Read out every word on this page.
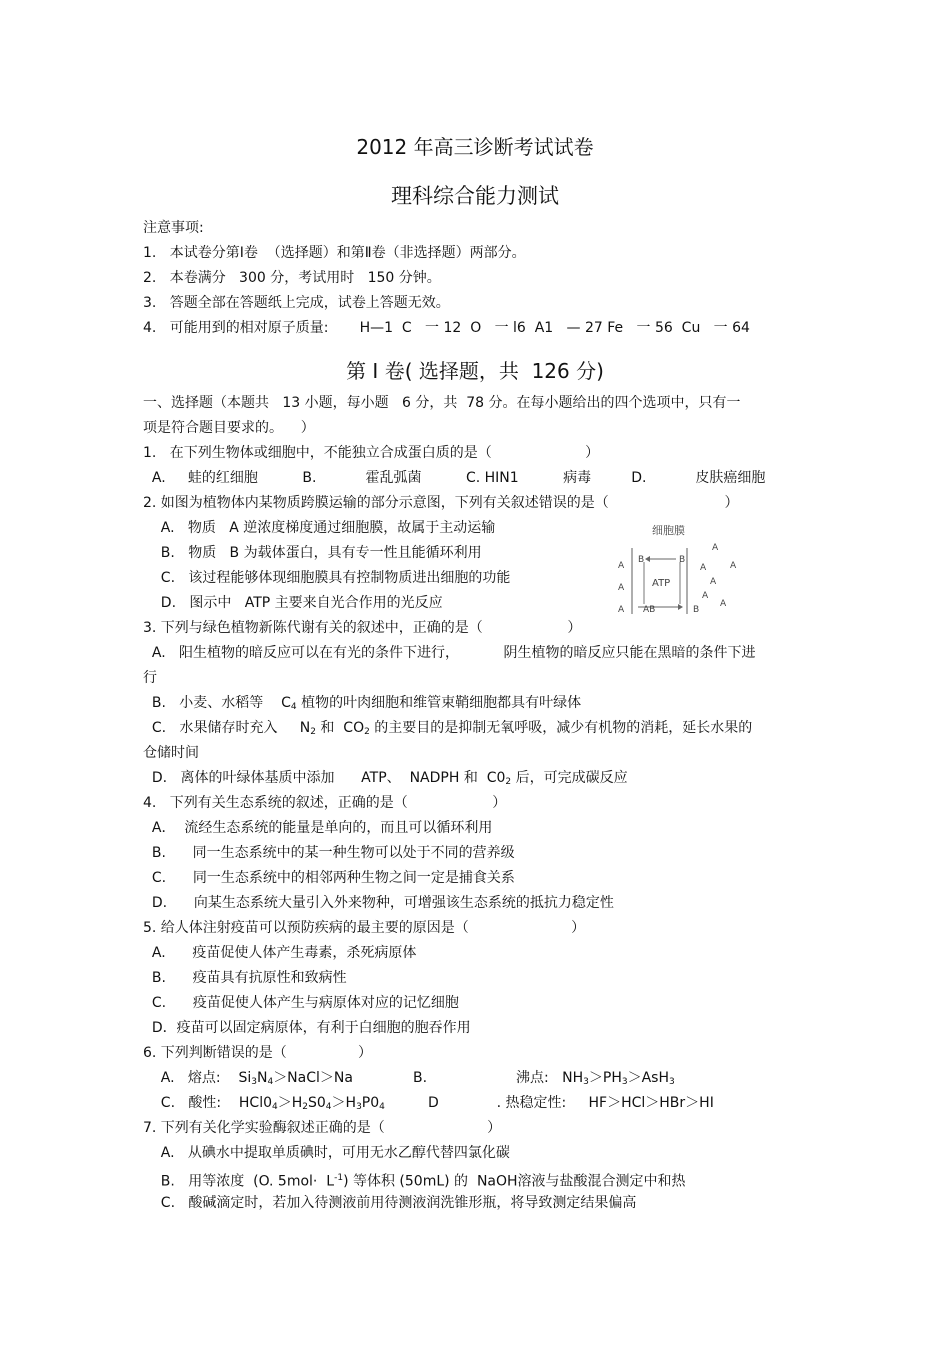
2012 年高三诊断考试试卷
理科综合能力测试
注意事项:
1.   本试卷分第Ⅰ卷  （选择题）和第Ⅱ卷（非选择题）两部分。
2.   本卷满分   300 分，考试用时   150 分钟。
3.   答题全部在答题纸上完成，试卷上答题无效。
4.   可能用到的相对原子质量:       H—1  C   一 12  O   一 l6  A1   — 27 Fe   一 56  Cu   一 64
第 Ⅰ 卷( 选择题，共  126 分)
一、选择题（本题共   13 小题，每小题   6 分，共  78 分。在每小题给出的四个选项中，只有一
项是符合题目要求的。    ）
1.   在下列生物体或细胞中，不能独立合成蛋白质的是（                     ）
A.     蛙的红细胞          B.           霍乱弧菌          C. HIN1          病毒         D.           皮肤癌细胞
2. 如图为植物体内某物质跨膜运输的部分示意图，下列有关叙述错误的是（                          ）
A.   物质   A 逆浓度梯度通过细胞膜，故属于主动运输
B.   物质   B 为载体蛋白，具有专一性且能循环利用
C.   该过程能够体现细胞膜具有控制物质进出细胞的功能
D.   图示中   ATP 主要来自光合作用的光反应
细胞膜
A
A
A
B	B
ATP
AB	B
A
A	A
A
A
A
3. 下列与绿色植物新陈代谢有关的叙述中，正确的是（                   ）
A.   阳生植物的暗反应可以在有光的条件下进行，          阴生植物的暗反应只能在黑暗的条件下进
行
B.   小麦、水稻等    $C_4$ 植物的叶肉细胞和维管束鞘细胞都具有叶绿体
C.   水果储存时充入     $N_2$ 和  $CO_2$ 的主要目的是抑制无氧呼吸，减少有机物的消耗，延长水果的
仓储时间
D.   离体的叶绿体基质中添加      ATP、  NADPH 和  $C0_2$ 后，可完成碳反应
4.   下列有关生态系统的叙述，正确的是（                   ）
A．  流经生态系统的能量是单向的，而且可以循环利用
B.      同一生态系统中的某一种生物可以处于不同的营养级
C.      同一生态系统中的相邻两种生物之间一定是捕食关系
D.      向某生态系统大量引入外来物种，可增强该生态系统的抵抗力稳定性
5. 给人体注射疫苗可以预防疾病的最主要的原因是（                       ）
A.      疫苗促使人体产生毒素，杀死病原体
B.      疫苗具有抗原性和致病性
C.      疫苗促使人体产生与病原体对应的记忆细胞
D．疫苗可以固定病原体，有利于白细胞的胞吞作用
6. 下列判断错误的是（                ）
A.   熔点:    $Si_3N_4>NaCl>Na$	B.                    沸点:   $NH_3>PH_3>AsH_3$
C.   酸性:    $HCl0_4>H_2S0_4>H_3P0_4$	D             . 热稳定性:     HF＞HCl＞HBr＞HI
7. 下列有关化学实验酶叙述正确的是（                       ）
A.   从碘水中提取单质碘时，可用无水乙醇代替四氯化碳
B.   用等浓度  (O. $5mol\cdot L^{-1}$) 等体积 (50mL) 的  NaOH溶液与盐酸混合测定中和热
C.   酸碱滴定时，若加入待测液前用待测液润洗锥形瓶，将导致测定结果偏高
